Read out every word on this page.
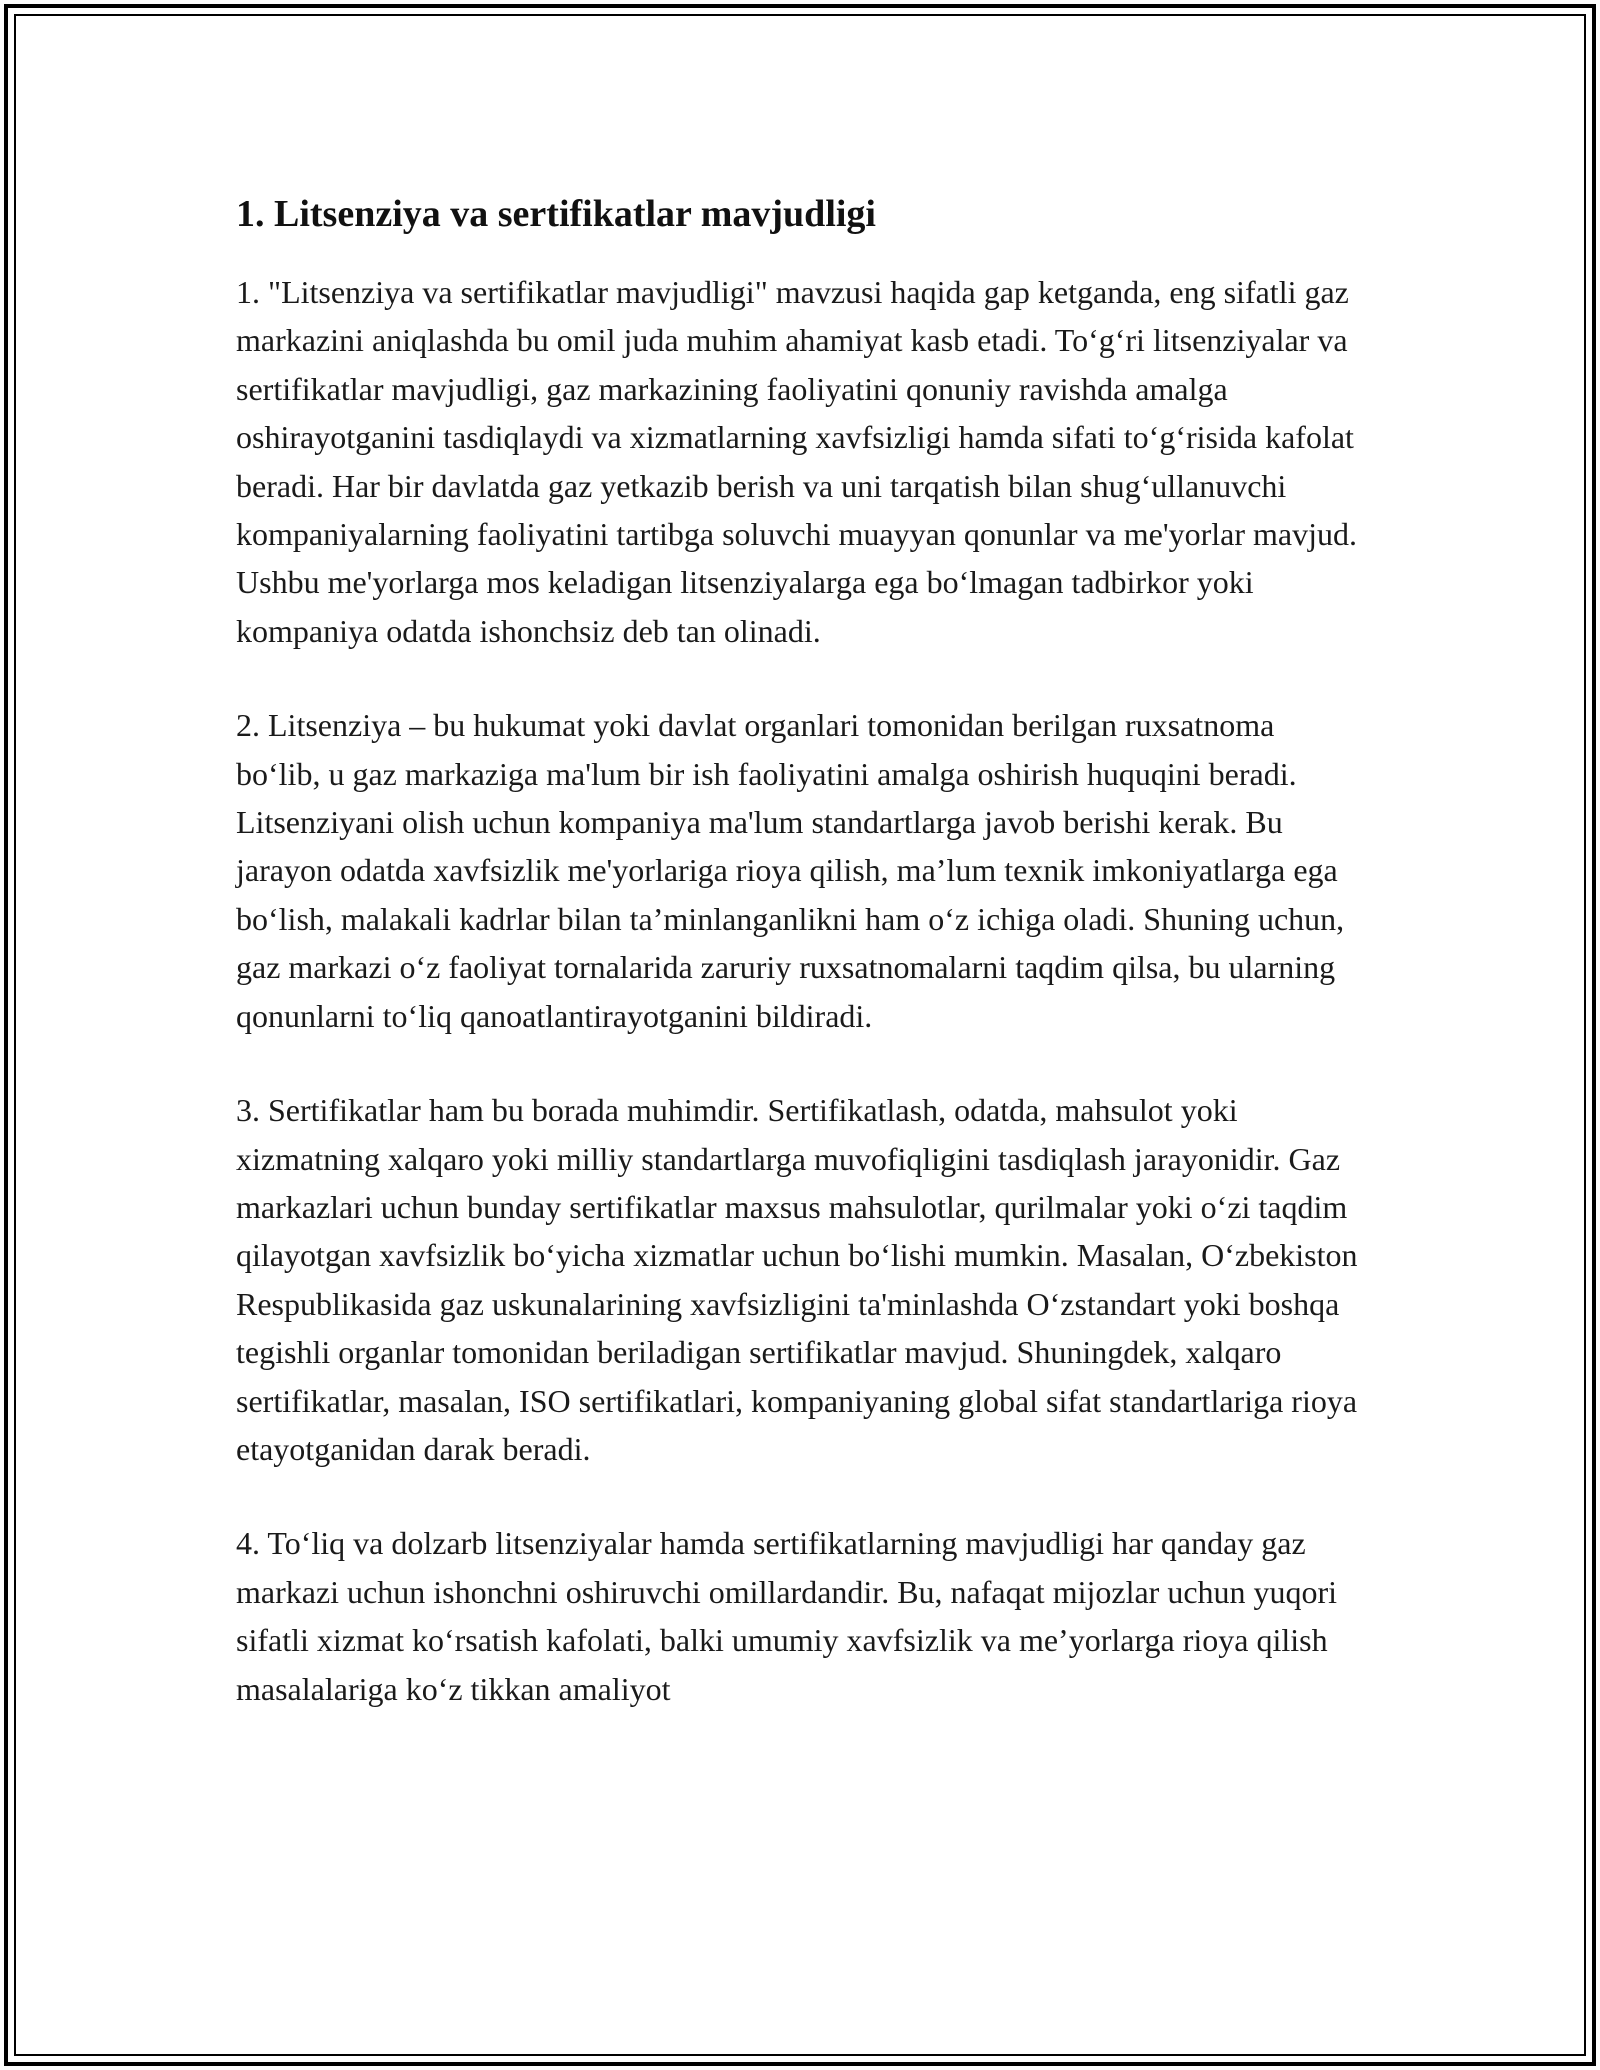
1. Litsenziya va sertifikatlar mavjudligi

1. "Litsenziya va sertifikatlar mavjudligi" mavzusi haqida gap ketganda, eng sifatli gaz markazini aniqlashda bu omil juda muhim ahamiyat kasb etadi. To‘g‘ri litsenziyalar va sertifikatlar mavjudligi, gaz markazining faoliyatini qonuniy ravishda amalga oshirayotganini tasdiqlaydi va xizmatlarning xavfsizligi hamda sifati to‘g‘risida kafolat beradi. Har bir davlatda gaz yetkazib berish va uni tarqatish bilan shug‘ullanuvchi kompaniyalarning faoliyatini tartibga soluvchi muayyan qonunlar va me'yorlar mavjud. Ushbu me'yorlarga mos keladigan litsenziyalarga ega bo‘lmagan tadbirkor yoki kompaniya odatda ishonchsiz deb tan olinadi.

2. Litsenziya – bu hukumat yoki davlat organlari tomonidan berilgan ruxsatnoma bo‘lib, u gaz markaziga ma'lum bir ish faoliyatini amalga oshirish huquqini beradi. Litsenziyani olish uchun kompaniya ma'lum standartlarga javob berishi kerak. Bu jarayon odatda xavfsizlik me'yorlariga rioya qilish, ma’lum texnik imkoniyatlarga ega bo‘lish, malakali kadrlar bilan ta’minlanganlikni ham o‘z ichiga oladi. Shuning uchun, gaz markazi o‘z faoliyat tornalarida zaruriy ruxsatnomalarni taqdim qilsa, bu ularning qonunlarni to‘liq qanoatlantirayotganini bildiradi.

3. Sertifikatlar ham bu borada muhimdir. Sertifikatlash, odatda, mahsulot yoki xizmatning xalqaro yoki milliy standartlarga muvofiqligini tasdiqlash jarayonidir. Gaz markazlari uchun bunday sertifikatlar maxsus mahsulotlar, qurilmalar yoki o‘zi taqdim qilayotgan xavfsizlik bo‘yicha xizmatlar uchun bo‘lishi mumkin. Masalan, O‘zbekiston Respublikasida gaz uskunalarining xavfsizligini ta'minlashda O‘zstandart yoki boshqa tegishli organlar tomonidan beriladigan sertifikatlar mavjud. Shuningdek, xalqaro sertifikatlar, masalan, ISO sertifikatlari, kompaniyaning global sifat standartlariga rioya etayotganidan darak beradi.

4. To‘liq va dolzarb litsenziyalar hamda sertifikatlarning mavjudligi har qanday gaz markazi uchun ishonchni oshiruvchi omillardandir. Bu, nafaqat mijozlar uchun yuqori sifatli xizmat ko‘rsatish kafolati, balki umumiy xavfsizlik va me’yorlarga rioya qilish masalalariga ko‘z tikkan amaliyot
